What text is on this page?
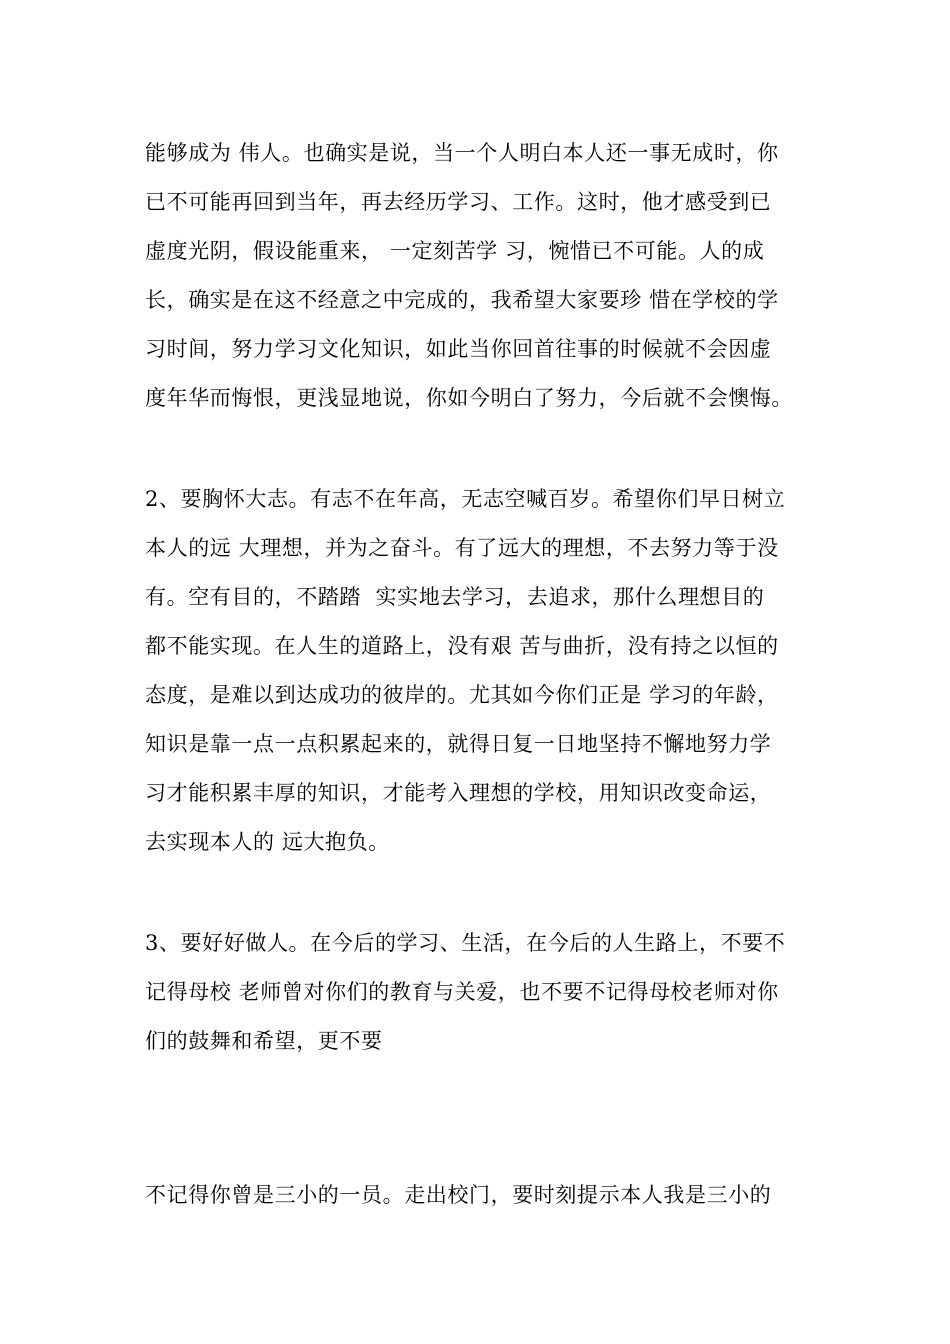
能够成为 伟人。也确实是说，当一个人明白本人还一事无成时，你
已不可能再回到当年，再去经历学习、工作。这时，他才感受到已
虚度光阴，假设能重来， 一定刻苦学 习，惋惜已不可能。人的成
长，确实是在这不经意之中完成的，我希望大家要珍 惜在学校的学
习时间，努力学习文化知识，如此当你回首往事的时候就不会因虚
度年华而悔恨，更浅显地说，你如今明白了努力，今后就不会懊悔。
2、要胸怀大志。有志不在年高，无志空喊百岁。希望你们早日树立
本人的远 大理想，并为之奋斗。有了远大的理想，不去努力等于没
有。空有目的，不踏踏  实实地去学习，去追求，那什么理想目的
都不能实现。在人生的道路上，没有艰 苦与曲折，没有持之以恒的
态度，是难以到达成功的彼岸的。尤其如今你们正是 学习的年龄，
知识是靠一点一点积累起来的，就得日复一日地坚持不懈地努力学
习才能积累丰厚的知识，才能考入理想的学校，用知识改变命运，
去实现本人的 远大抱负。
3、要好好做人。在今后的学习、生活，在今后的人生路上，不要不
记得母校 老师曾对你们的教育与关爱，也不要不记得母校老师对你
们的鼓舞和希望，更不要
不记得你曾是三小的一员。走出校门，要时刻提示本人我是三小的
